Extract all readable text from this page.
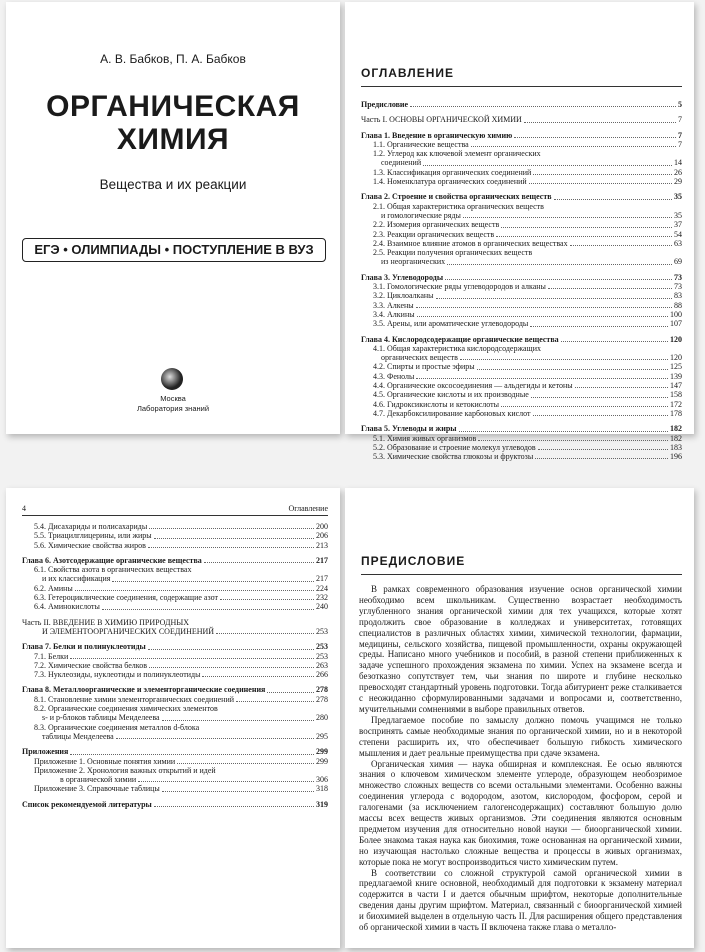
А. В. Бабков, П. А. Бабков
ОРГАНИЧЕСКАЯ
ХИМИЯ
Вещества и их реакции
ЕГЭ • ОЛИМПИАДЫ • ПОСТУПЛЕНИЕ В ВУЗ
Москва
Лаборатория знаний
ОГЛАВЛЕНИЕ
Предисловие	5
Часть I. ОСНОВЫ ОРГАНИЧЕСКОЙ ХИМИИ	7
Глава 1. Введение в органическую химию	7
1.1. Органические вещества	7
1.2. Углерод как ключевой элемент органических
соединений	14
1.3. Классификация органических соединений	26
1.4. Номенклатура органических соединений	29
Глава 2. Строение и свойства органических веществ	35
2.1. Общая характеристика органических веществ
и гомологические ряды	35
2.2. Изомерия органических веществ	37
2.3. Реакции органических веществ	54
2.4. Взаимное влияние атомов в органических веществах	63
2.5. Реакции получения органических веществ
из неорганических	69
Глава 3. Углеводороды	73
3.1. Гомологические ряды углеводородов и алканы	73
3.2. Циклоалканы	83
3.3. Алкены	88
3.4. Алкины	100
3.5. Арены, или ароматические углеводороды	107
Глава 4. Кислородсодержащие органические вещества	120
4.1. Общая характеристика кислородсодержащих
органических веществ	120
4.2. Спирты и простые эфиры	125
4.3. Фенолы	139
4.4. Органические оксосоединения — альдегиды и кетоны	147
4.5. Органические кислоты и их производные	158
4.6. Гидроксикислоты и кетокислоты	172
4.7. Декарбоксилирование карбоновых кислот	178
Глава 5. Углеводы и жиры	182
5.1. Химия живых организмов	182
5.2. Образование и строение молекул углеводов	183
5.3. Химические свойства глюкозы и фруктозы	196
4	Оглавление
5.4. Дисахариды и полисахариды	200
5.5. Триацилглицерины, или жиры	206
5.6. Химические свойства жиров	213
Глава 6. Азотсодержащие органические вещества	217
6.1. Свойства азота в органических веществах
и их классификация	217
6.2. Амины	224
6.3. Гетероциклические соединения, содержащие азот	232
6.4. Аминокислоты	240
Часть II. ВВЕДЕНИЕ В ХИМИЮ ПРИРОДНЫХ
И ЭЛЕМЕНТООРГАНИЧЕСКИХ СОЕДИНЕНИЙ	253
Глава 7. Белки и полинуклеотиды	253
7.1. Белки	253
7.2. Химические свойства белков	263
7.3. Нуклеозиды, нуклеотиды и полинуклеотиды	266
Глава 8. Металлоорганические и элементорганические соединения	278
8.1. Становление химии элементорганических соединений	278
8.2. Органические соединения химических элементов
s- и p-блоков таблицы Менделеева	280
8.3. Органические соединения металлов d-блока
таблицы Менделеева	295
Приложения	299
Приложение 1. Основные понятия химии	299
Приложение 2. Хронология важных открытий и идей
в органической химии	306
Приложение 3. Справочные таблицы	318
Список рекомендуемой литературы	319
ПРЕДИСЛОВИЕ

В рамках современного образования изучение основ органической химии необходимо всем школьникам. Существенно возрастает необходимость углубленного знания органической химии для тех учащихся, которые хотят продолжить свое образование в колледжах и университетах, готовящих специалистов в различных областях химии, химической технологии, фармации, медицины, сельского хозяйства, пищевой промышленности, охраны окружающей среды. Написано много учебников и пособий, в разной степени приближенных к задаче успешного прохождения экзамена по химии. Успех на экзамене всегда и безотказно сопутствует тем, чьи знания по широте и глубине несколько превосходят стандартный уровень подготовки. Тогда абитуриент реже сталкивается с неожиданно сформулированными задачами и вопросами и, соответственно, мучительными сомнениями в выборе правильных ответов.

Предлагаемое пособие по замыслу должно помочь учащимся не только воспринять самые необходимые знания по органической химии, но и в некоторой степени расширить их, что обеспечивает большую гибкость химического мышления и дает реальные преимущества при сдаче экзамена.

Органическая химия — наука обширная и комплексная. Ее осью являются знания о ключевом химическом элементе углероде, образующем необозримое множество сложных веществ со всеми остальными элементами. Особенно важны соединения углерода с водородом, азотом, кислородом, фосфором, серой и галогенами (за исключением галогенсодержащих) составляют большую долю массы всех веществ живых организмов. Эти соединения являются основным предметом изучения для относительно новой науки — биоорганической химии. Более знакома такая наука как биохимия, тоже основанная на органической химии, но изучающая настолько сложные вещества и процессы в живых организмах, которые пока не могут воспроизводиться чисто химическим путем.

В соответствии со сложной структурой самой органической химии в предлагаемой книге основной, необходимый для подготовки к экзамену материал содержится в части I и дается обычным шрифтом, некоторые дополнительные сведения даны другим шрифтом. Материал, связанный с биоорганической химией и биохимией выделен в отдельную часть II. Для расширения общего представления об органической химии в часть II включена также глава о металло-
